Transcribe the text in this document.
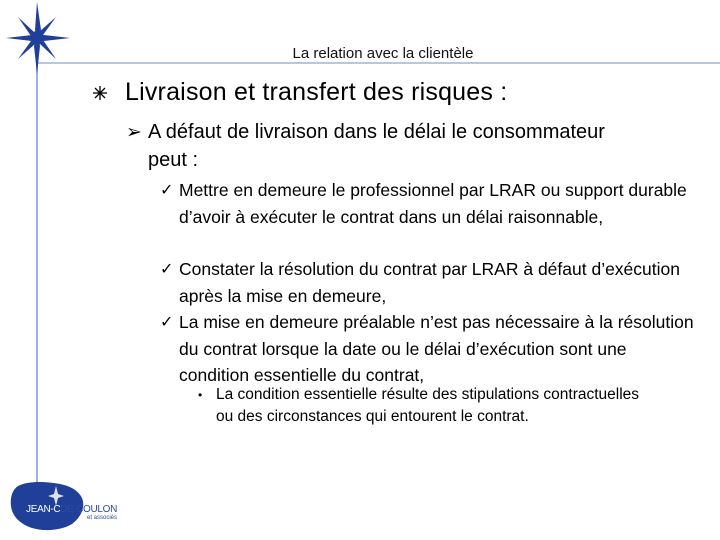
La relation avec la clientèle
Livraison et transfert des risques :
➢ A défaut de livraison dans le délai le consommateur peut :
✓ Mettre en demeure le professionnel par LRAR ou support durable d’avoir à exécuter le contrat dans un délai raisonnable,
✓ Constater la résolution du contrat par LRAR à défaut d’exécution après la mise en demeure,
✓ La mise en demeure préalable n’est pas nécessaire à la résolution du contrat lorsque la date ou le délai d’exécution sont une condition essentielle du contrat,
• La condition essentielle résulte des stipulations contractuelles ou des circonstances qui entourent le contrat.
JEAN-CDE COULON
et associés
